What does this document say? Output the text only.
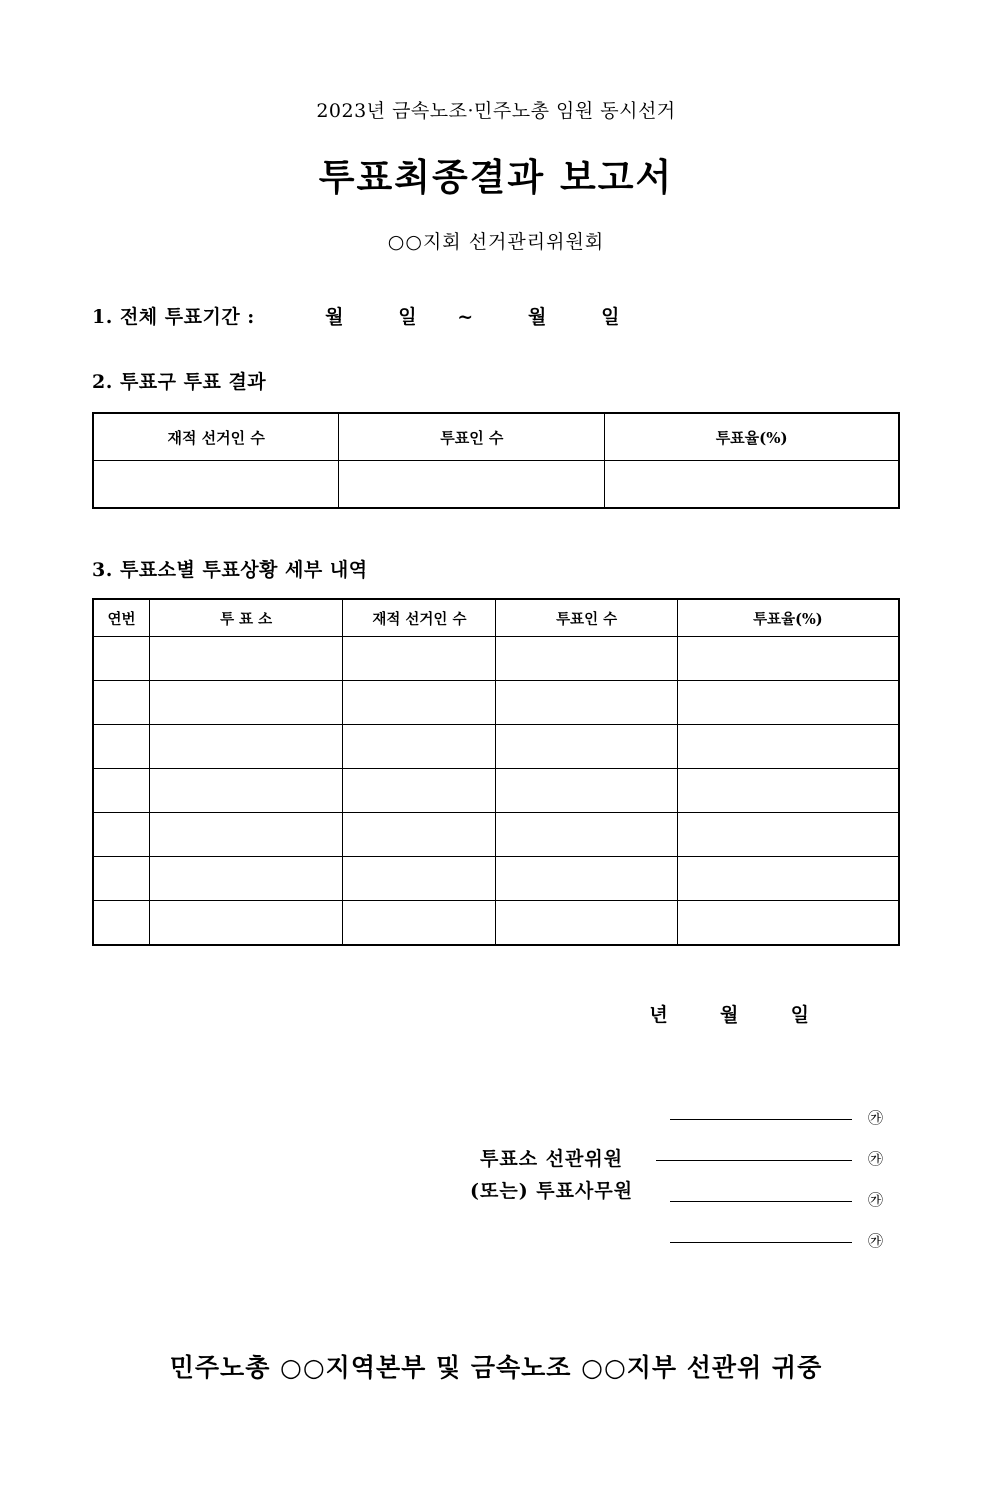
2023년 금속노조·민주노총 임원 동시선거
투표최종결과 보고서
○○지회 선거관리위원회
1. 전체 투표기간 :	월	일 ~	월	일
2. 투표구 투표 결과
재적 선거인 수	투표인 수	투표율(%)

3. 투표소별 투표상황 세부 내역
연번	투 표 소	재적 선거인 수	투표인 수	투표율(%)

년	월	일
투표소 선관위원
(또는) 투표사무원
㉮
㉮
㉮
㉮
민주노총 ○○지역본부 및 금속노조 ○○지부 선관위 귀중
